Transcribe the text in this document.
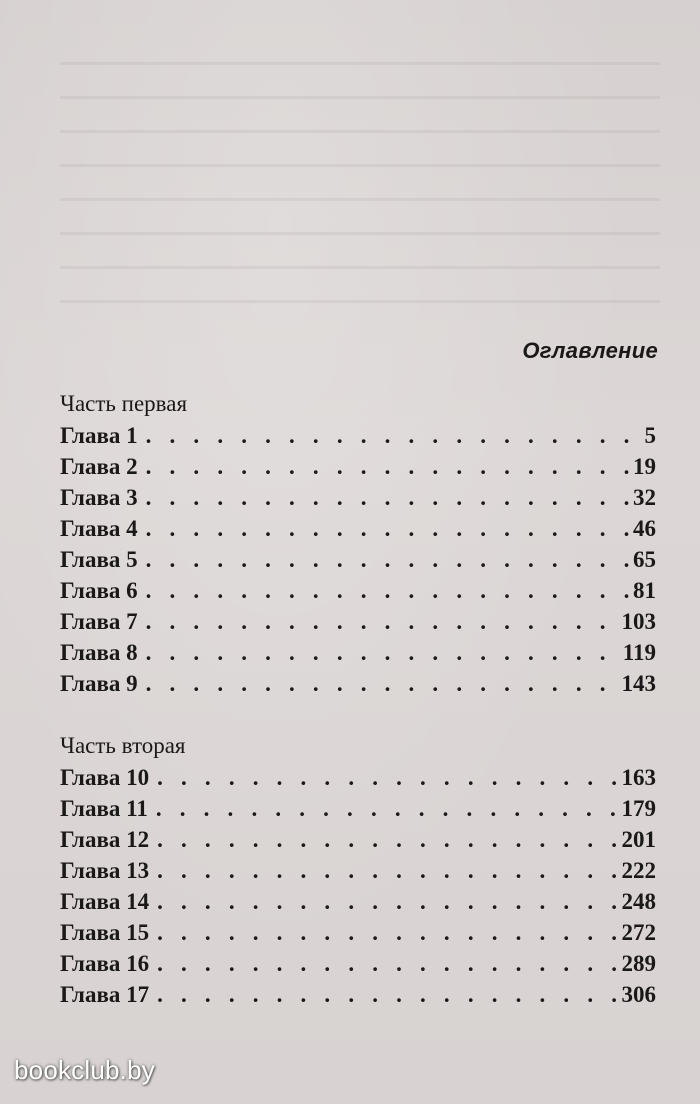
Оглавление
Часть первая
Глава 1 . . .	5
Глава 2 . . .	19
Глава 3 . . .	32
Глава 4 . . .	46
Глава 5 . . .	65
Глава 6 . . .	81
Глава 7 . . .	103
Глава 8 . . .	119
Глава 9 . . .	143
Часть вторая
Глава 10 . . .	163
Глава 11 . . .	179
Глава 12 . . .	201
Глава 13 . . .	222
Глава 14 . . .	248
Глава 15 . . .	272
Глава 16 . . .	289
Глава 17 . . .	306
bookclub.by
